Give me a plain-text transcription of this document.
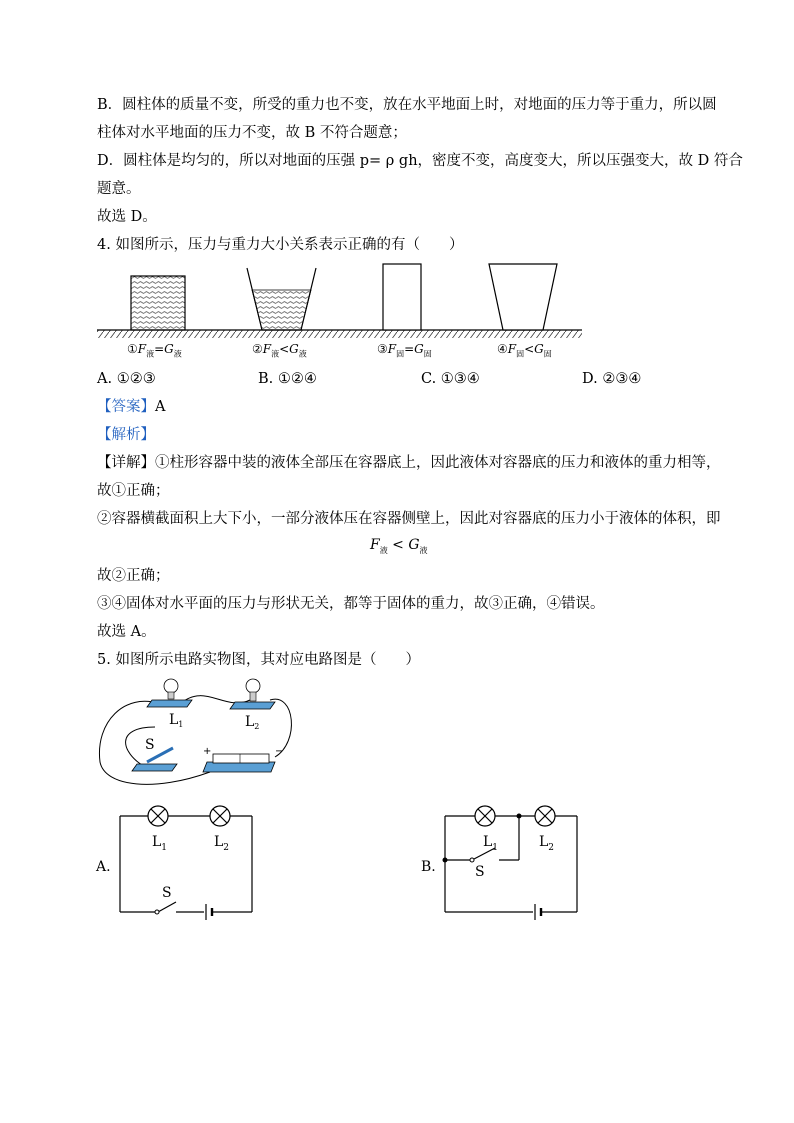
B．圆柱体的质量不变，所受的重力也不变，放在水平地面上时，对地面的压力等于重力，所以圆
柱体对水平地面的压力不变，故 B 不符合题意；
D．圆柱体是均匀的，所以对地面的压强 p= ρ gh，密度不变，高度变大，所以压强变大，故 D 符合
题意。
故选 D。
4. 如图所示，压力与重力大小关系表示正确的有（　　）
$①F_液=G_液$	$②F_液<G_液$	$③F_固=G_固$	$④F_固<G_固$
A. ①②③	B. ①②④	C. ①③④	D. ②③④
【答案】A
【解析】
【详解】①柱形容器中装的液体全部压在容器底上，因此液体对容器底的压力和液体的重力相等，
故①正确；
②容器横截面积上大下小，一部分液体压在容器侧壁上，因此对容器底的压力小于液体的体积，即
$F_液 < G_液$
故②正确；
③④固体对水平面的压力与形状无关，都等于固体的重力，故③正确，④错误。
故选 A。
5. 如图所示电路实物图，其对应电路图是（　　）
$L_1$	$L_2$
S	+	−
$L_1$	$L_2$
S
A.
$L_1$	$L_2$
S
B.
